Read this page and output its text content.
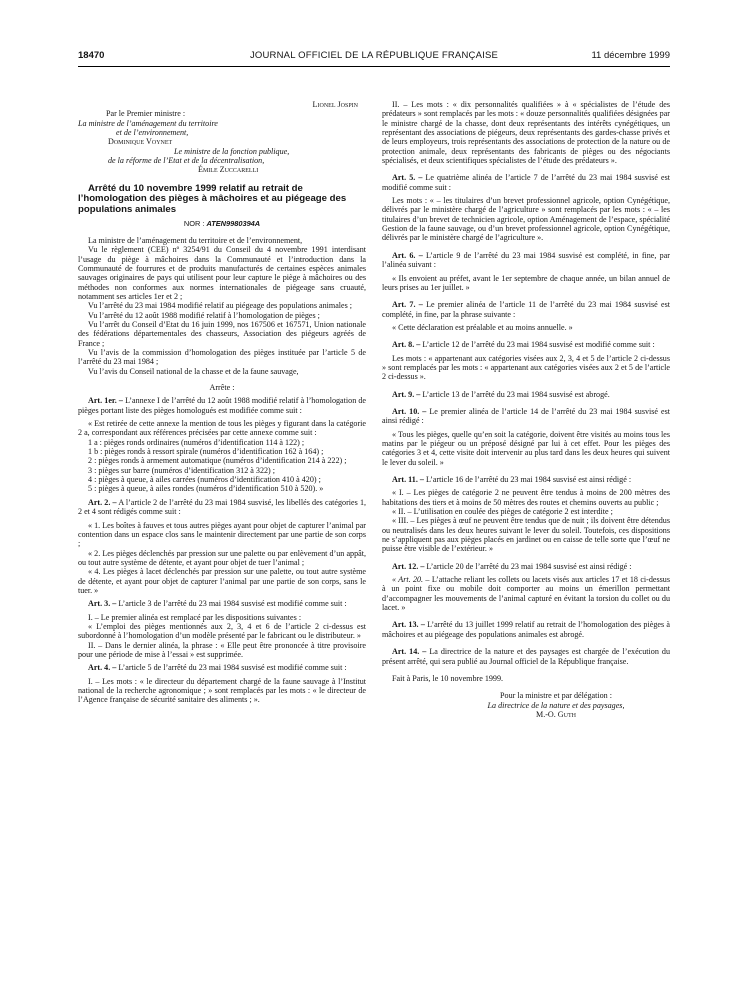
18470	JOURNAL OFFICIEL DE LA RÉPUBLIQUE FRANÇAISE	11 décembre 1999

Lionel Jospin

Par le Premier ministre :

La ministre de l’aménagement du territoire

et de l’environnement,

Dominique Voynet

Le ministre de la fonction publique,

de la réforme de l’Etat et de la décentralisation,

Émile Zuccarelli

Arrêté du 10 novembre 1999 relatif au retrait de l’homologation des pièges à mâchoires et au piégeage des populations animales

NOR : ATEN9980394A

La ministre de l’aménagement du territoire et de l’environnement,

Vu le règlement (CEE) nº 3254/91 du Conseil du 4 novembre 1991 interdisant l’usage du piège à mâchoires dans la Communauté et l’introduction dans la Communauté de fourrures et de produits manufacturés de certaines espèces animales sauvages originaires de pays qui utilisent pour leur capture le piège à mâchoires ou des méthodes non conformes aux normes internationales de piégeage sans cruauté, notamment ses articles 1er et 2 ;

Vu l’arrêté du 23 mai 1984 modifié relatif au piégeage des populations animales ;

Vu l’arrêté du 12 août 1988 modifié relatif à l’homologation de pièges ;

Vu l’arrêt du Conseil d’Etat du 16 juin 1999, nos 167506 et 167571, Union nationale des fédérations départementales des chasseurs, Association des piégeurs agréés de France ;

Vu l’avis de la commission d’homologation des pièges instituée par l’article 5 de l’arrêté du 23 mai 1984 ;

Vu l’avis du Conseil national de la chasse et de la faune sauvage,

Arrête :

Art. 1er. – L’annexe I de l’arrêté du 12 août 1988 modifié relatif à l’homologation de pièges portant liste des pièges homologués est modifiée comme suit :

« Est retirée de cette annexe la mention de tous les pièges y figurant dans la catégorie 2 a, correspondant aux références précisées par cette annexe comme suit :

1 a : pièges ronds ordinaires (numéros d’identification 114 à 122) ;

1 b : pièges ronds à ressort spirale (numéros d’identification 162 à 164) ;

2 : pièges ronds à armement automatique (numéros d’identification 214 à 222) ;

3 : pièges sur barre (numéros d’identification 312 à 322) ;

4 : pièges à queue, à ailes carrées (numéros d’identification 410 à 420) ;

5 : pièges à queue, à ailes rondes (numéros d’identification 510 à 520). »

Art. 2. – A l’article 2 de l’arrêté du 23 mai 1984 susvisé, les libellés des catégories 1, 2 et 4 sont rédigés comme suit :

« 1. Les boîtes à fauves et tous autres pièges ayant pour objet de capturer l’animal par contention dans un espace clos sans le maintenir directement par une partie de son corps ;

« 2. Les pièges déclenchés par pression sur une palette ou par enlèvement d’un appât, ou tout autre système de détente, et ayant pour objet de tuer l’animal ;

« 4. Les pièges à lacet déclenchés par pression sur une palette, ou tout autre système de détente, et ayant pour objet de capturer l’animal par une partie de son corps, sans le tuer. »

Art. 3. – L’article 3 de l’arrêté du 23 mai 1984 susvisé est modifié comme suit :

I. – Le premier alinéa est remplacé par les dispositions suivantes :

« L’emploi des pièges mentionnés aux 2, 3, 4 et 6 de l’article 2 ci-dessus est subordonné à l’homologation d’un modèle présenté par le fabricant ou le distributeur. »

II. – Dans le dernier alinéa, la phrase : « Elle peut être prononcée à titre provisoire pour une période de mise à l’essai » est supprimée.

Art. 4. – L’article 5 de l’arrêté du 23 mai 1984 susvisé est modifié comme suit :

I. – Les mots : « le directeur du département chargé de la faune sauvage à l’Institut national de la recherche agronomique ; » sont remplacés par les mots : « le directeur de l’Agence française de sécurité sanitaire des aliments ; ».

II. – Les mots : « dix personnalités qualifiées » à « spécialistes de l’étude des prédateurs » sont remplacés par les mots : « douze personnalités qualifiées désignées par le ministre chargé de la chasse, dont deux représentants des intérêts cynégétiques, un représentant des associations de piégeurs, deux représentants des gardes-chasse privés et de leurs employeurs, trois représentants des associations de protection de la nature ou de protection animale, deux représentants des fabricants de pièges ou des négociants spécialisés, et deux scientifiques spécialistes de l’étude des prédateurs ».

Art. 5. – Le quatrième alinéa de l’article 7 de l’arrêté du 23 mai 1984 susvisé est modifié comme suit :

Les mots : « – les titulaires d’un brevet professionnel agricole, option Cynégétique, délivrés par le ministère chargé de l’agriculture » sont remplacés par les mots : « – les titulaires d’un brevet de technicien agricole, option Aménagement de l’espace, spécialité Gestion de la faune sauvage, ou d’un brevet professionnel agricole, option Cynégétique, délivrés par le ministère chargé de l’agriculture ».

Art. 6. – L’article 9 de l’arrêté du 23 mai 1984 susvisé est complété, in fine, par l’alinéa suivant :

« Ils envoient au préfet, avant le 1er septembre de chaque année, un bilan annuel de leurs prises au 1er juillet. »

Art. 7. – Le premier alinéa de l’article 11 de l’arrêté du 23 mai 1984 susvisé est complété, in fine, par la phrase suivante :

« Cette déclaration est préalable et au moins annuelle. »

Art. 8. – L’article 12 de l’arrêté du 23 mai 1984 susvisé est modifié comme suit :

Les mots : « appartenant aux catégories visées aux 2, 3, 4 et 5 de l’article 2 ci-dessus » sont remplacés par les mots : « appartenant aux catégories visées aux 2 et 5 de l’article 2 ci-dessus ».

Art. 9. – L’article 13 de l’arrêté du 23 mai 1984 susvisé est abrogé.

Art. 10. – Le premier alinéa de l’article 14 de l’arrêté du 23 mai 1984 susvisé est ainsi rédigé :

« Tous les pièges, quelle qu’en soit la catégorie, doivent être visités au moins tous les matins par le piégeur ou un préposé désigné par lui à cet effet. Pour les pièges des catégories 3 et 4, cette visite doit intervenir au plus tard dans les deux heures qui suivent le lever du soleil. »

Art. 11. – L’article 16 de l’arrêté du 23 mai 1984 susvisé est ainsi rédigé :

« I. – Les pièges de catégorie 2 ne peuvent être tendus à moins de 200 mètres des habitations des tiers et à moins de 50 mètres des routes et chemins ouverts au public ;

« II. – L’utilisation en coulée des pièges de catégorie 2 est interdite ;

« III. – Les pièges à œuf ne peuvent être tendus que de nuit ; ils doivent être détendus ou neutralisés dans les deux heures suivant le lever du soleil. Toutefois, ces dispositions ne s’appliquent pas aux pièges placés en jardinet ou en caisse de telle sorte que l’œuf ne puisse être visible de l’extérieur. »

Art. 12. – L’article 20 de l’arrêté du 23 mai 1984 susvisé est ainsi rédigé :

« Art. 20. – L’attache reliant les collets ou lacets visés aux articles 17 et 18 ci-dessus à un point fixe ou mobile doit comporter au moins un émerillon permettant d’accompagner les mouvements de l’animal capturé en évitant la torsion du collet ou du lacet. »

Art. 13. – L’arrêté du 13 juillet 1999 relatif au retrait de l’homologation des pièges à mâchoires et au piégeage des populations animales est abrogé.

Art. 14. – La directrice de la nature et des paysages est chargée de l’exécution du présent arrêté, qui sera publié au Journal officiel de la République française.

Fait à Paris, le 10 novembre 1999.

Pour la ministre et par délégation :

La directrice de la nature et des paysages,

M.-O. Guth
